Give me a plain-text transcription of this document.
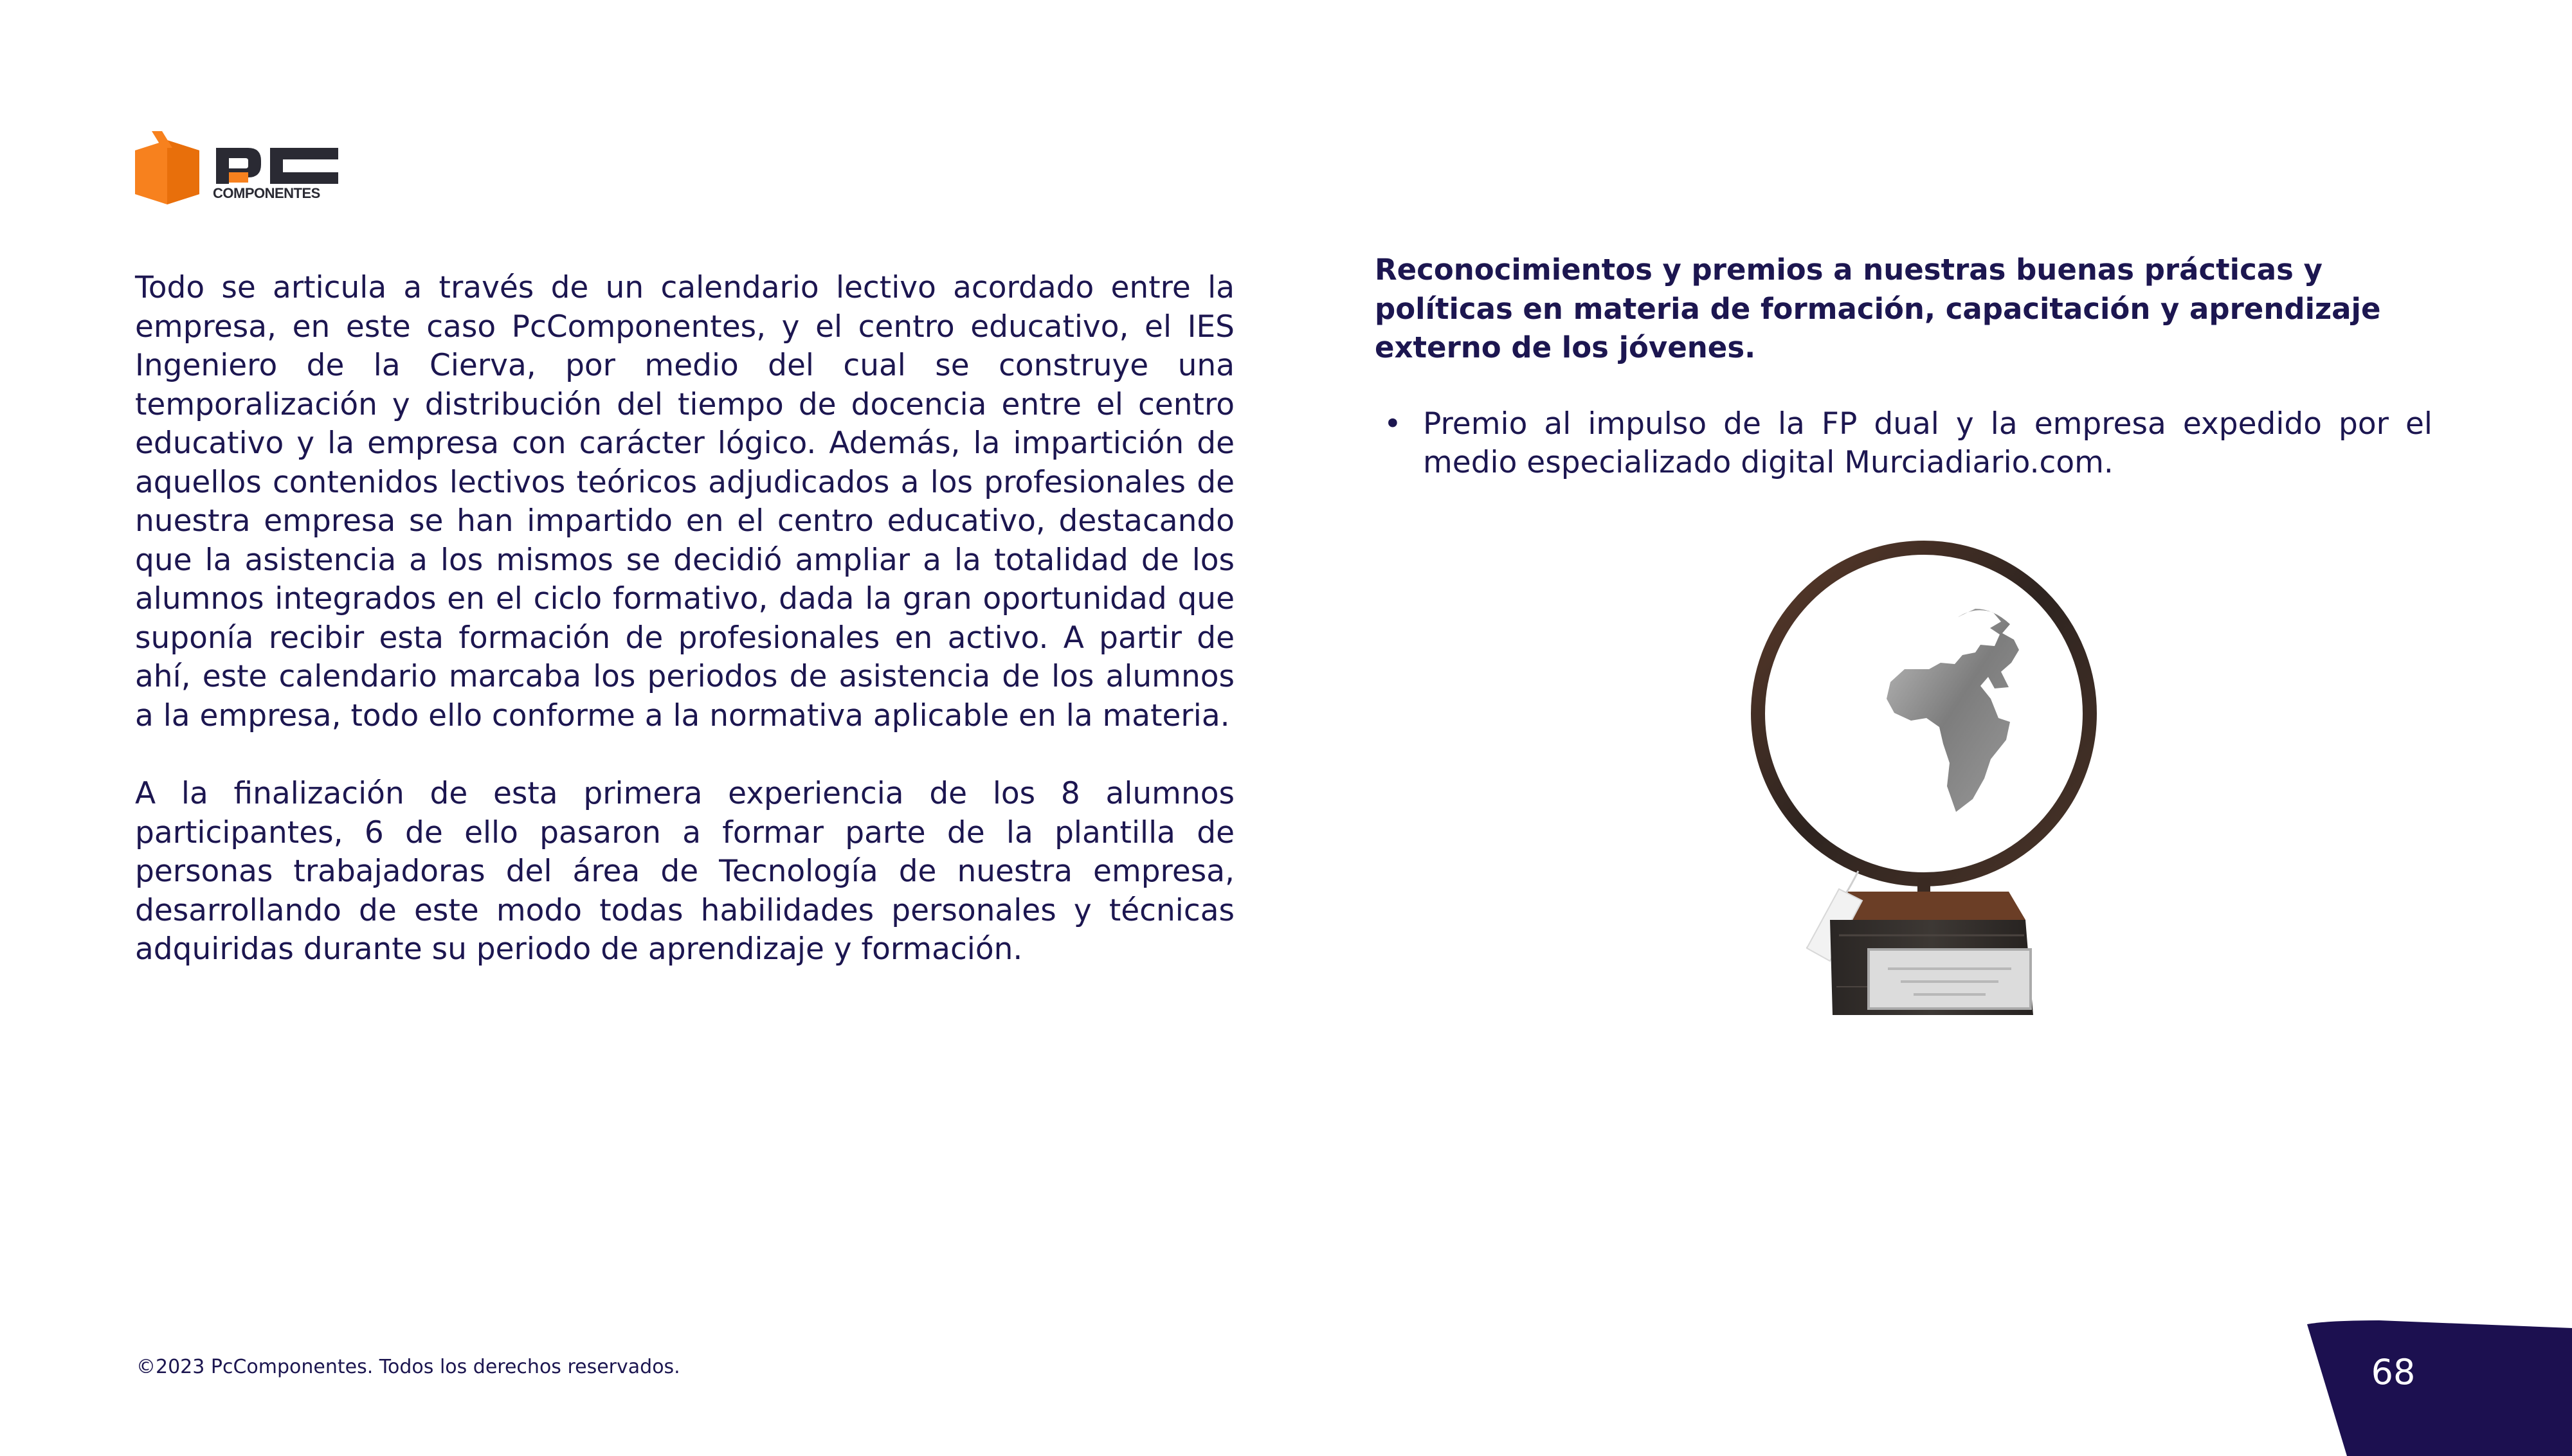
COMPONENTES

Todo se articula a través de un calendario lectivo acordado entre la empresa, en este caso PcComponentes, y el centro educativo, el IES Ingeniero de la Cierva, por medio del cual se construye una temporalización y distribución del tiempo de docencia entre el centro educativo y la empresa con carácter lógico. Además, la impartición de aquellos contenidos lectivos teóricos adjudicados a los profesionales de nuestra empresa se han impartido en el centro educativo, destacando que la asistencia a los mismos se decidió ampliar a la totalidad de los alumnos integrados en el ciclo formativo, dada la gran oportunidad que suponía recibir esta formación de profesionales en activo. A partir de ahí, este calendario marcaba los periodos de asistencia de los alumnos a la empresa, todo ello conforme a la normativa aplicable en la materia.

A la finalización de esta primera experiencia de los 8 alumnos participantes, 6 de ello pasaron a formar parte de la plantilla de personas trabajadoras del área de Tecnología de nuestra empresa, desarrollando de este modo todas habilidades personales y técnicas adquiridas durante su periodo de aprendizaje y formación.

Reconocimientos y premios a nuestras buenas prácticas y políticas en materia de formación, capacitación y aprendizaje externo de los jóvenes.
• Premio al impulso de la FP dual y la empresa expedido por el medio especializado digital Murciadiario.com.
©2023 PcComponentes. Todos los derechos reservados.	68
